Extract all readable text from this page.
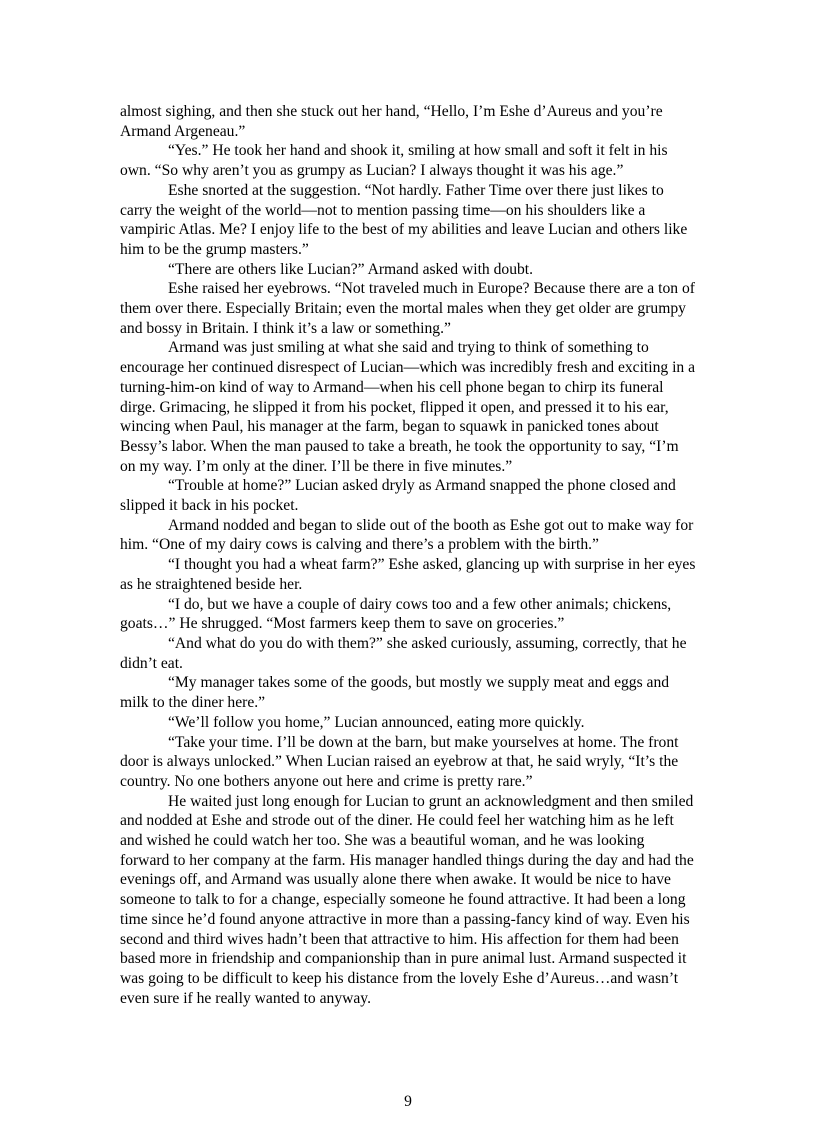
almost sighing, and then she stuck out her hand, “Hello, I’m Eshe d’Aureus and you’re Armand Argeneau.”

“Yes.” He took her hand and shook it, smiling at how small and soft it felt in his own. “So why aren’t you as grumpy as Lucian? I always thought it was his age.”

Eshe snorted at the suggestion. “Not hardly. Father Time over there just likes to carry the weight of the world—not to mention passing time—on his shoulders like a vampiric Atlas. Me? I enjoy life to the best of my abilities and leave Lucian and others like him to be the grump masters.”

“There are others like Lucian?” Armand asked with doubt.

Eshe raised her eyebrows. “Not traveled much in Europe? Because there are a ton of them over there. Especially Britain; even the mortal males when they get older are grumpy and bossy in Britain. I think it’s a law or something.”

Armand was just smiling at what she said and trying to think of something to encourage her continued disrespect of Lucian—which was incredibly fresh and exciting in a turning-him-on kind of way to Armand—when his cell phone began to chirp its funeral dirge. Grimacing, he slipped it from his pocket, flipped it open, and pressed it to his ear, wincing when Paul, his manager at the farm, began to squawk in panicked tones about Bessy’s labor. When the man paused to take a breath, he took the opportunity to say, “I’m on my way. I’m only at the diner. I’ll be there in five minutes.”

“Trouble at home?” Lucian asked dryly as Armand snapped the phone closed and slipped it back in his pocket.

Armand nodded and began to slide out of the booth as Eshe got out to make way for him. “One of my dairy cows is calving and there’s a problem with the birth.”

“I thought you had a wheat farm?” Eshe asked, glancing up with surprise in her eyes as he straightened beside her.

“I do, but we have a couple of dairy cows too and a few other animals; chickens, goats…” He shrugged. “Most farmers keep them to save on groceries.”

“And what do you do with them?” she asked curiously, assuming, correctly, that he didn’t eat.

“My manager takes some of the goods, but mostly we supply meat and eggs and milk to the diner here.”

“We’ll follow you home,” Lucian announced, eating more quickly.

“Take your time. I’ll be down at the barn, but make yourselves at home. The front door is always unlocked.” When Lucian raised an eyebrow at that, he said wryly, “It’s the country. No one bothers anyone out here and crime is pretty rare.”

He waited just long enough for Lucian to grunt an acknowledgment and then smiled and nodded at Eshe and strode out of the diner. He could feel her watching him as he left and wished he could watch her too. She was a beautiful woman, and he was looking forward to her company at the farm. His manager handled things during the day and had the evenings off, and Armand was usually alone there when awake. It would be nice to have someone to talk to for a change, especially someone he found attractive. It had been a long time since he’d found anyone attractive in more than a passing-fancy kind of way. Even his second and third wives hadn’t been that attractive to him. His affection for them had been based more in friendship and companionship than in pure animal lust. Armand suspected it was going to be difficult to keep his distance from the lovely Eshe d’Aureus…and wasn’t even sure if he really wanted to anyway.

9
